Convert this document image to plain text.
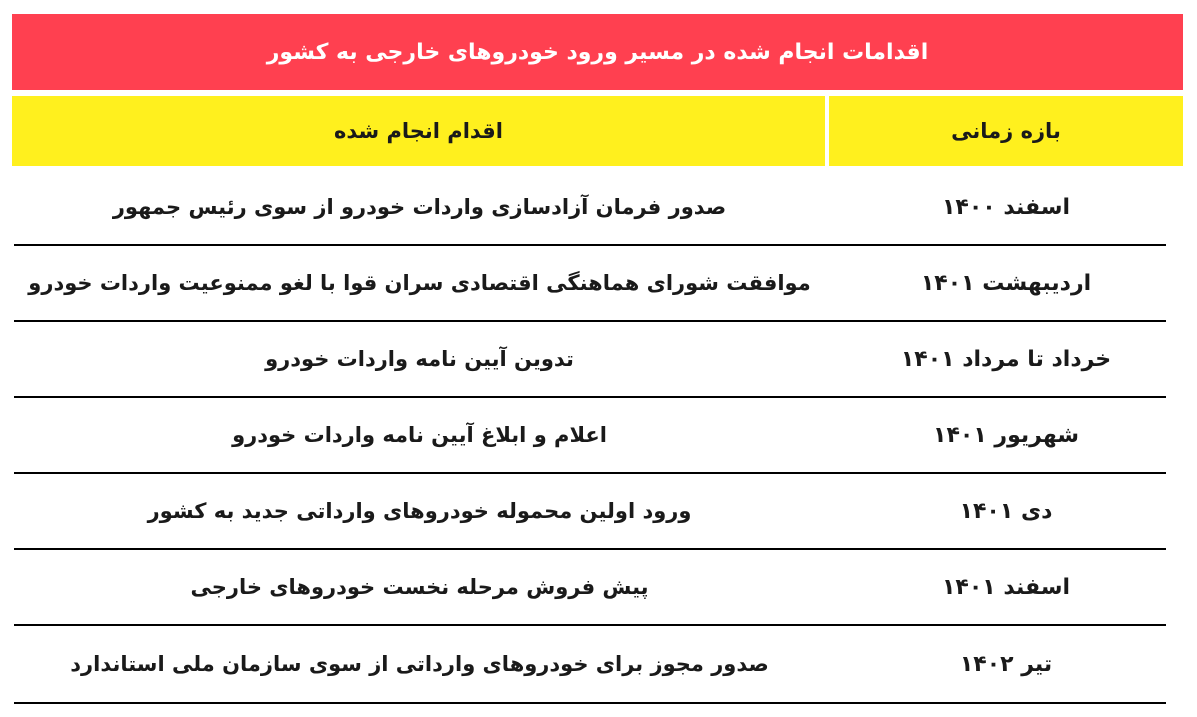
اقدامات انجام شده در مسیر ورود خودروهای خارجی به کشور
اقدام انجام شده	بازه زمانی
صدور فرمان آزادسازی واردات خودرو از سوی رئیس جمهور	اسفند ۱۴۰۰
موافقت شورای هماهنگی اقتصادی سران قوا با لغو ممنوعیت واردات خودرو	اردیبهشت ۱۴۰۱
تدوین آیین نامه واردات خودرو	خرداد تا مرداد ۱۴۰۱
اعلام و ابلاغ آیین نامه واردات خودرو	شهریور ۱۴۰۱
ورود اولین محموله خودروهای وارداتی جدید به کشور	دی ۱۴۰۱
پیش فروش مرحله نخست خودروهای خارجی	اسفند ۱۴۰۱
صدور مجوز برای خودروهای وارداتی از سوی سازمان ملی استاندارد	تیر ۱۴۰۲
